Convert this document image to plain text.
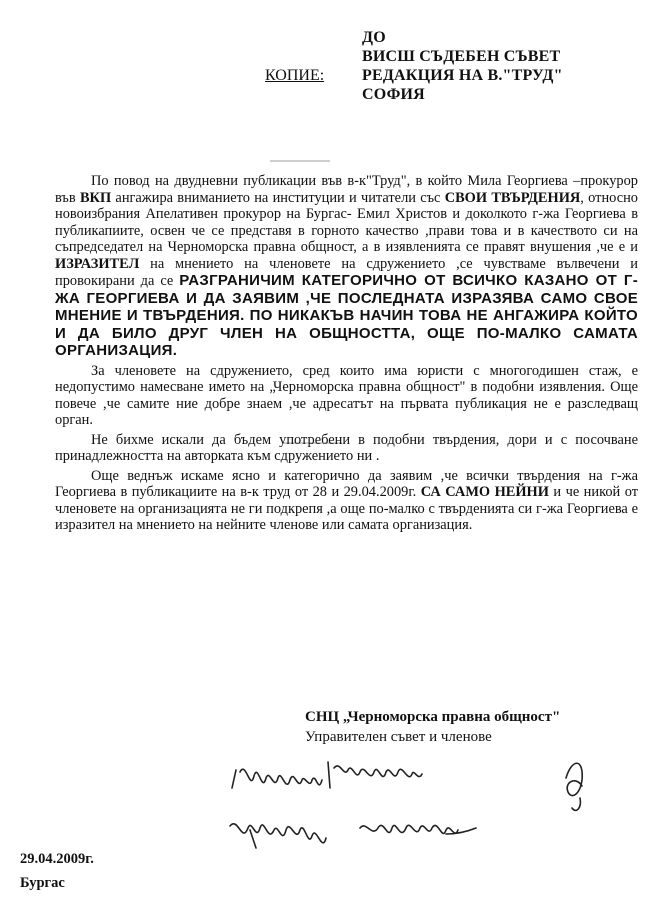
ДО
ВИСШ СЪДЕБЕН СЪВЕТ
РЕДАКЦИЯ НА В."ТРУД"
СОФИЯ
КОПИЕ:

По повод на двудневни публикации във в-к"Труд", в който Мила Георгиева –прокурор във ВКП ангажира вниманието на институции и читатели със СВОИ ТВЪРДЕНИЯ, относно новоизбрания Апелативен прокурор на Бургас- Емил Христов и доколкото г-жа Георгиева в публикапиите, освен че се представя в горното качество ,прави това и в качеството си на съпредседател на Черноморска правна общност, а в изявленията се правят внушения ,че е и ИЗРАЗИТЕЛ на мнението на членовете на сдружението ,се чувстваме вълвечени и провокирани да се РАЗГРАНИЧИМ КАТЕГОРИЧНО ОТ ВСИЧКО КАЗАНО ОТ Г-ЖА ГЕОРГИЕВА И ДА ЗАЯВИМ ,ЧЕ ПОСЛЕДНАТА ИЗРАЗЯВА САМО СВОЕ МНЕНИЕ И ТВЪРДЕНИЯ. ПО НИКАКЪВ НАЧИН ТОВА НЕ АНГАЖИРА КОЙТО И ДА БИЛО ДРУГ ЧЛЕН НА ОБЩНОСТТА, ОЩЕ ПО-МАЛКО САМАТА ОРГАНИЗАЦИЯ.

За членовете на сдружението, сред които има юристи с многогодишен стаж, е недопустимо намесване името на „Черноморска правна общност" в подобни изявления. Още повече ,че самите ние добре знаем ,че адресатът на първата публикация не е разследващ орган.

Не бихме искали да бъдем употребени в подобни твърдения, дори и с посочване принадлежността на авторката към сдружението ни .

Още веднъж искаме ясно и категорично да заявим ,че всички твърдения на г-жа Георгиева в публикациите на в-к труд от 28 и 29.04.2009г. СА САМО НЕЙНИ и че никой от членовете на организацията не ги подкрепя ,а още по-малко с твърденията си г-жа Георгиева е изразител на мнението на нейните членове или самата организация.

СНЦ „Черноморска правна общност"
Управителен съвет и членове
29.04.2009г.
Бургас
